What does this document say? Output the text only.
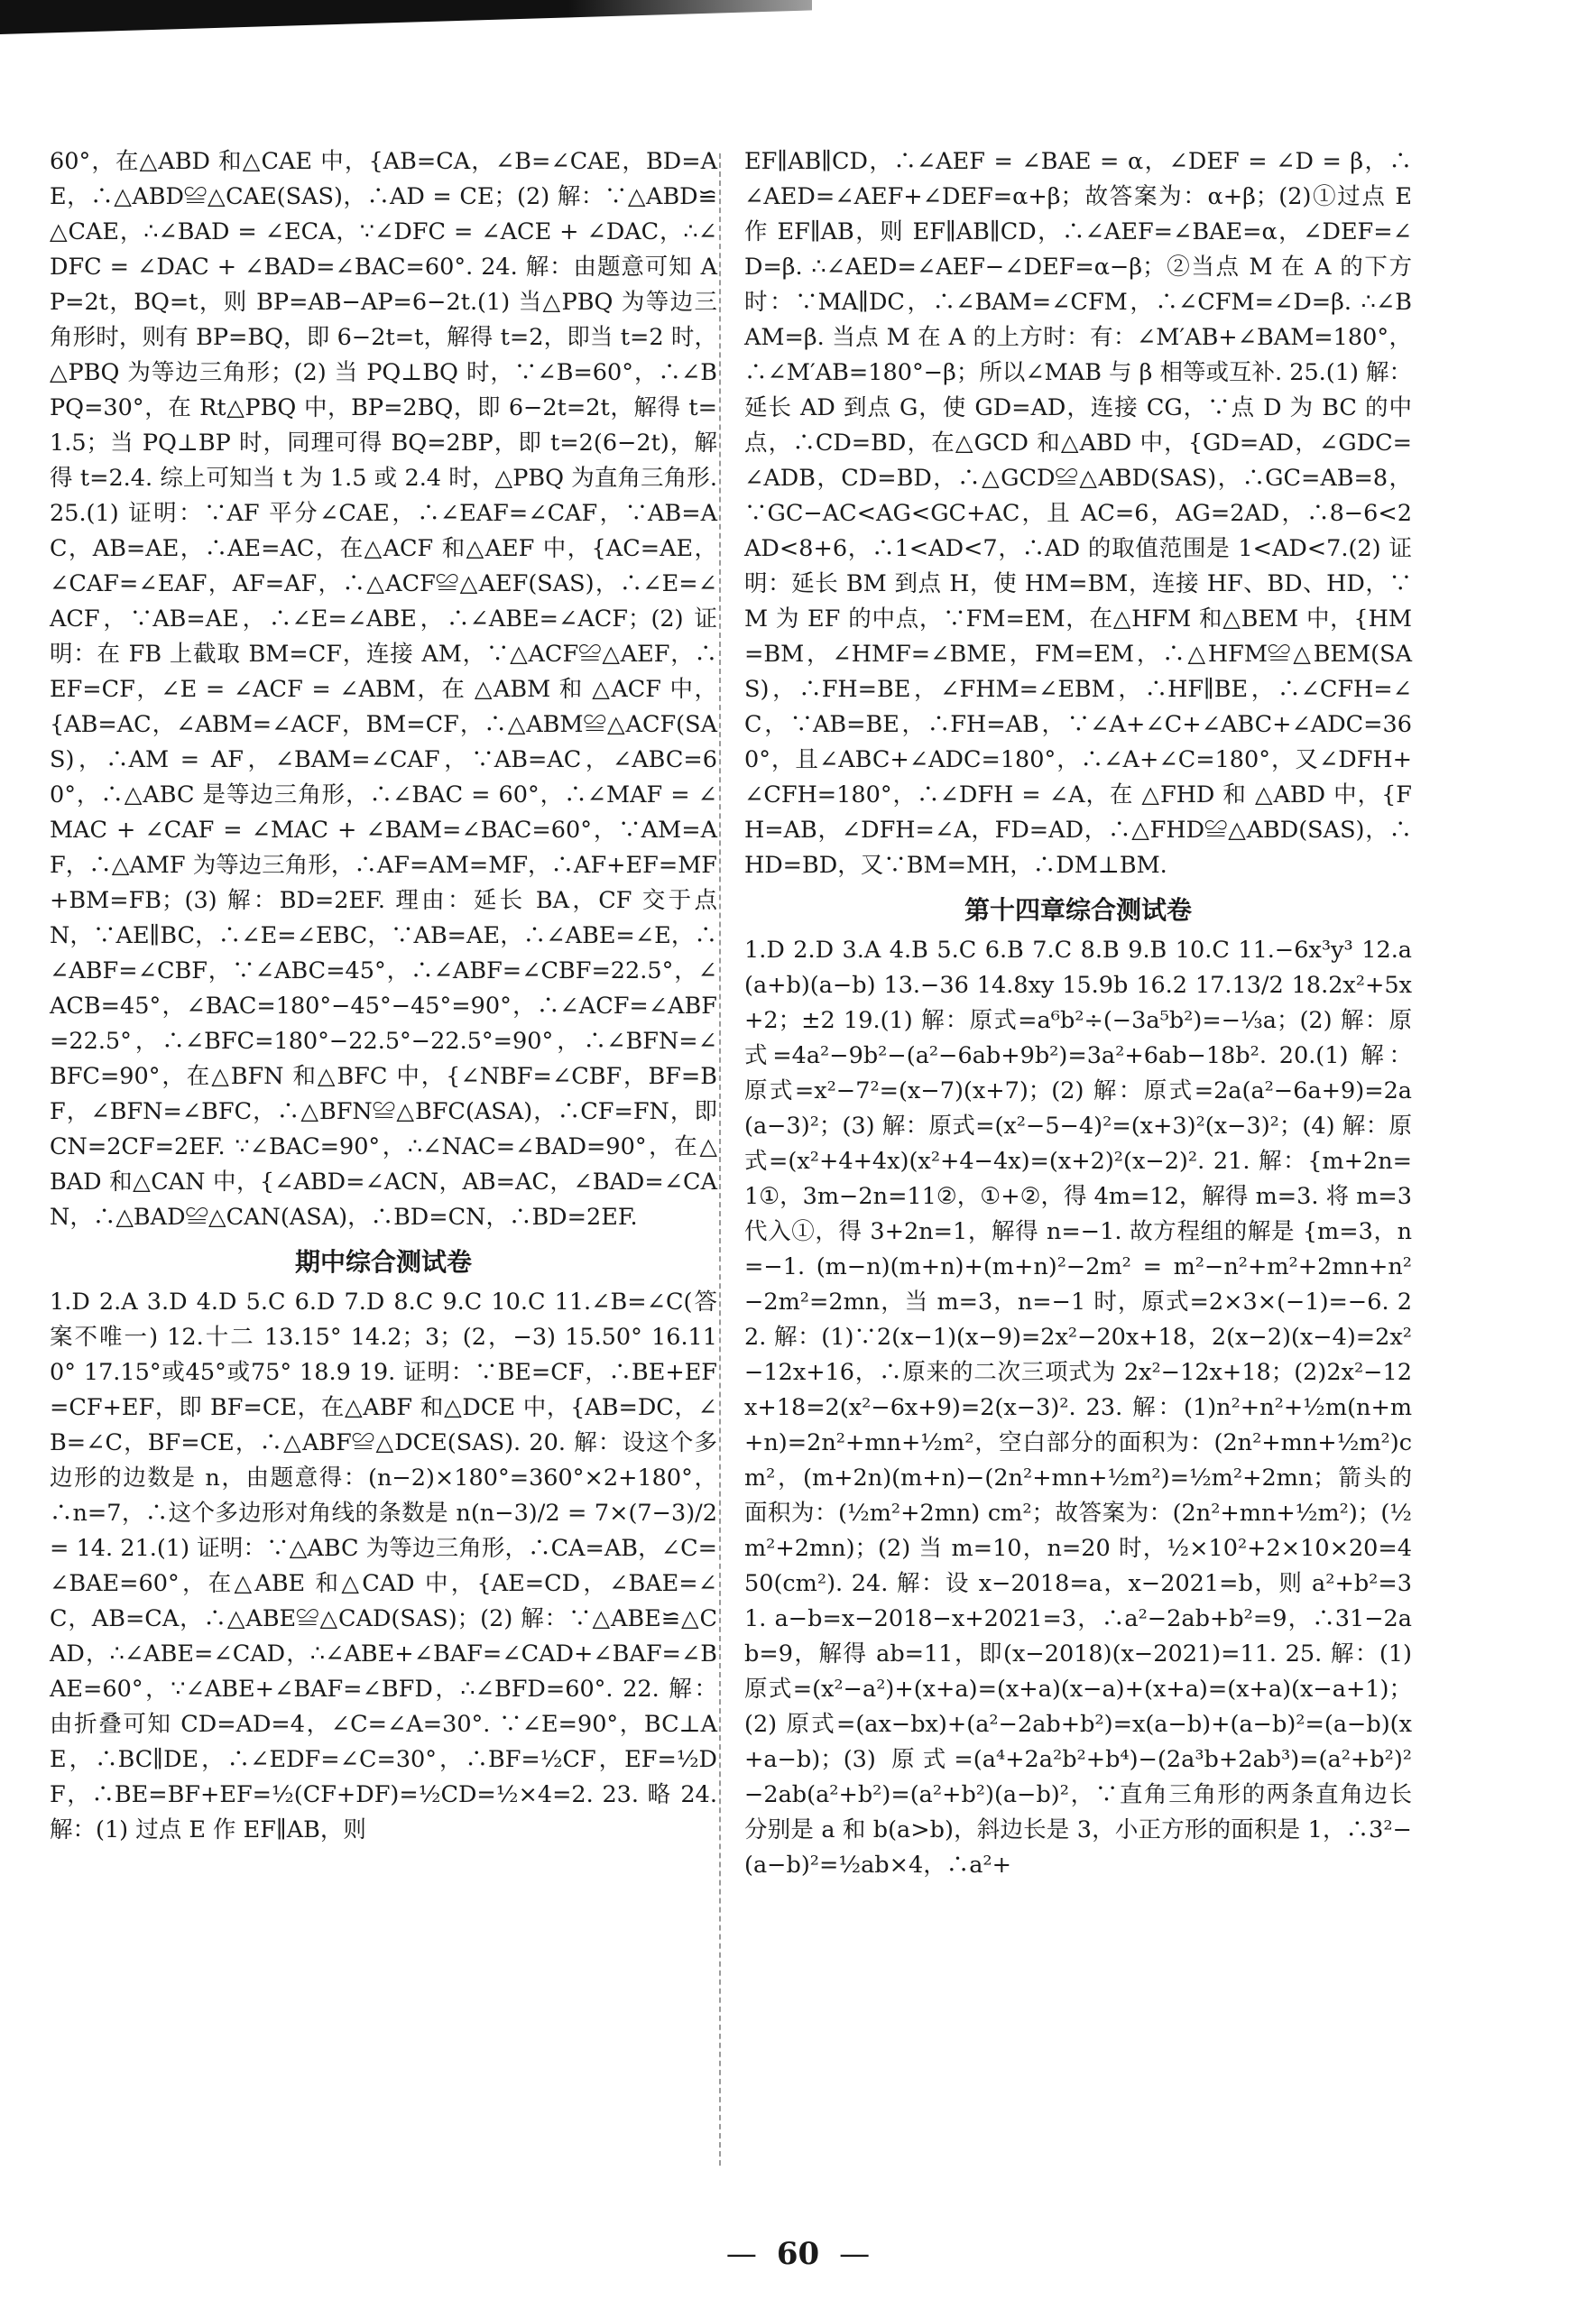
60°，在△ABD 和△CAE 中，{AB=CA，∠B=∠CAE，BD=AE，∴△ABD≌△CAE(SAS)，∴AD = CE；(2) 解：∵△ABD≌△CAE，∴∠BAD = ∠ECA，∵∠DFC = ∠ACE + ∠DAC，∴∠DFC = ∠DAC + ∠BAD=∠BAC=60°. 24. 解：由题意可知 AP=2t，BQ=t，则 BP=AB−AP=6−2t.(1) 当△PBQ 为等边三角形时，则有 BP=BQ，即 6−2t=t，解得 t=2，即当 t=2 时，△PBQ 为等边三角形；(2) 当 PQ⊥BQ 时，∵∠B=60°，∴∠BPQ=30°，在 Rt△PBQ 中，BP=2BQ，即 6−2t=2t，解得 t=1.5；当 PQ⊥BP 时，同理可得 BQ=2BP，即 t=2(6−2t)，解得 t=2.4. 综上可知当 t 为 1.5 或 2.4 时，△PBQ 为直角三角形. 25.(1) 证明：∵AF 平分∠CAE，∴∠EAF=∠CAF，∵AB=AC，AB=AE，∴AE=AC，在△ACF 和△AEF 中，{AC=AE，∠CAF=∠EAF，AF=AF，∴△ACF≌△AEF(SAS)，∴∠E=∠ACF，∵AB=AE，∴∠E=∠ABE，∴∠ABE=∠ACF；(2) 证明：在 FB 上截取 BM=CF，连接 AM，∵△ACF≌△AEF，∴EF=CF，∠E = ∠ACF = ∠ABM，在 △ABM 和 △ACF 中，{AB=AC，∠ABM=∠ACF，BM=CF，∴△ABM≌△ACF(SAS)，∴AM = AF，∠BAM=∠CAF，∵AB=AC，∠ABC=60°，∴△ABC 是等边三角形，∴∠BAC = 60°，∴∠MAF = ∠MAC + ∠CAF = ∠MAC + ∠BAM=∠BAC=60°，∵AM=AF，∴△AMF 为等边三角形，∴AF=AM=MF，∴AF+EF=MF+BM=FB；(3) 解：BD=2EF. 理由：延长 BA，CF 交于点 N，∵AE∥BC，∴∠E=∠EBC，∵AB=AE，∴∠ABE=∠E，∴∠ABF=∠CBF，∵∠ABC=45°，∴∠ABF=∠CBF=22.5°，∠ACB=45°，∠BAC=180°−45°−45°=90°，∴∠ACF=∠ABF=22.5°，∴∠BFC=180°−22.5°−22.5°=90°，∴∠BFN=∠BFC=90°，在△BFN 和△BFC 中，{∠NBF=∠CBF，BF=BF，∠BFN=∠BFC，∴△BFN≌△BFC(ASA)，∴CF=FN，即 CN=2CF=2EF. ∵∠BAC=90°，∴∠NAC=∠BAD=90°，在△BAD 和△CAN 中，{∠ABD=∠ACN，AB=AC，∠BAD=∠CAN，∴△BAD≌△CAN(ASA)，∴BD=CN，∴BD=2EF.

期中综合测试卷

1.D 2.A 3.D 4.D 5.C 6.D 7.D 8.C 9.C 10.C 11.∠B=∠C(答案不唯一) 12.十二 13.15° 14.2；3；(2，−3) 15.50° 16.110° 17.15°或45°或75° 18.9 19. 证明：∵BE=CF，∴BE+EF=CF+EF，即 BF=CE，在△ABF 和△DCE 中，{AB=DC，∠B=∠C，BF=CE，∴△ABF≌△DCE(SAS). 20. 解：设这个多边形的边数是 n，由题意得：(n−2)×180°=360°×2+180°，∴n=7，∴这个多边形对角线的条数是 n(n−3)/2 = 7×(7−3)/2 = 14. 21.(1) 证明：∵△ABC 为等边三角形，∴CA=AB，∠C=∠BAE=60°，在△ABE 和△CAD 中，{AE=CD，∠BAE=∠C，AB=CA，∴△ABE≌△CAD(SAS)；(2) 解：∵△ABE≌△CAD，∴∠ABE=∠CAD，∴∠ABE+∠BAF=∠CAD+∠BAF=∠BAE=60°，∵∠ABE+∠BAF=∠BFD，∴∠BFD=60°. 22. 解：由折叠可知 CD=AD=4，∠C=∠A=30°. ∵∠E=90°，BC⊥AE，∴BC∥DE，∴∠EDF=∠C=30°，∴BF=½CF，EF=½DF，∴BE=BF+EF=½(CF+DF)=½CD=½×4=2. 23. 略 24. 解：(1) 过点 E 作 EF∥AB，则

EF∥AB∥CD，∴∠AEF = ∠BAE = α，∠DEF = ∠D = β，∴∠AED=∠AEF+∠DEF=α+β；故答案为：α+β；(2)①过点 E 作 EF∥AB，则 EF∥AB∥CD，∴∠AEF=∠BAE=α，∠DEF=∠D=β. ∴∠AED=∠AEF−∠DEF=α−β；②当点 M 在 A 的下方时：∵MA∥DC，∴∠BAM=∠CFM，∴∠CFM=∠D=β. ∴∠BAM=β. 当点 M 在 A 的上方时：有：∠M′AB+∠BAM=180°，∴∠M′AB=180°−β；所以∠MAB 与 β 相等或互补. 25.(1) 解：延长 AD 到点 G，使 GD=AD，连接 CG，∵点 D 为 BC 的中点，∴CD=BD，在△GCD 和△ABD 中，{GD=AD，∠GDC=∠ADB，CD=BD，∴△GCD≌△ABD(SAS)，∴GC=AB=8，∵GC−AC<AG<GC+AC，且 AC=6，AG=2AD，∴8−6<2AD<8+6，∴1<AD<7，∴AD 的取值范围是 1<AD<7.(2) 证明：延长 BM 到点 H，使 HM=BM，连接 HF、BD、HD，∵M 为 EF 的中点，∵FM=EM，在△HFM 和△BEM 中，{HM=BM，∠HMF=∠BME，FM=EM，∴△HFM≌△BEM(SAS)，∴FH=BE，∠FHM=∠EBM，∴HF∥BE，∴∠CFH=∠C，∵AB=BE，∴FH=AB，∵∠A+∠C+∠ABC+∠ADC=360°，且∠ABC+∠ADC=180°，∴∠A+∠C=180°，又∠DFH+∠CFH=180°，∴∠DFH = ∠A，在 △FHD 和 △ABD 中，{FH=AB，∠DFH=∠A，FD=AD，∴△FHD≌△ABD(SAS)，∴HD=BD，又∵BM=MH，∴DM⊥BM.

第十四章综合测试卷

1.D 2.D 3.A 4.B 5.C 6.B 7.C 8.B 9.B 10.C 11.−6x³y³ 12.a(a+b)(a−b) 13.−36 14.8xy 15.9b 16.2 17.13/2 18.2x²+5x+2；±2 19.(1) 解：原式=a⁶b²÷(−3a⁵b²)=−⅓a；(2) 解：原式=4a²−9b²−(a²−6ab+9b²)=3a²+6ab−18b². 20.(1) 解：原式=x²−7²=(x−7)(x+7)；(2) 解：原式=2a(a²−6a+9)=2a(a−3)²；(3) 解：原式=(x²−5−4)²=(x+3)²(x−3)²；(4) 解：原式=(x²+4+4x)(x²+4−4x)=(x+2)²(x−2)². 21. 解：{m+2n=1①，3m−2n=11②，①+②，得 4m=12，解得 m=3. 将 m=3 代入①，得 3+2n=1，解得 n=−1. 故方程组的解是 {m=3，n=−1. (m−n)(m+n)+(m+n)²−2m² = m²−n²+m²+2mn+n²−2m²=2mn，当 m=3，n=−1 时，原式=2×3×(−1)=−6. 22. 解：(1)∵2(x−1)(x−9)=2x²−20x+18，2(x−2)(x−4)=2x²−12x+16，∴原来的二次三项式为 2x²−12x+18；(2)2x²−12x+18=2(x²−6x+9)=2(x−3)². 23. 解：(1)n²+n²+½m(n+m+n)=2n²+mn+½m²，空白部分的面积为：(2n²+mn+½m²)cm²，(m+2n)(m+n)−(2n²+mn+½m²)=½m²+2mn；箭头的面积为：(½m²+2mn) cm²；故答案为：(2n²+mn+½m²)；(½m²+2mn)；(2) 当 m=10，n=20 时，½×10²+2×10×20=450(cm²). 24. 解：设 x−2018=a，x−2021=b，则 a²+b²=31. a−b=x−2018−x+2021=3，∴a²−2ab+b²=9，∴31−2ab=9，解得 ab=11，即(x−2018)(x−2021)=11. 25. 解：(1) 原式=(x²−a²)+(x+a)=(x+a)(x−a)+(x+a)=(x+a)(x−a+1)；(2) 原式=(ax−bx)+(a²−2ab+b²)=x(a−b)+(a−b)²=(a−b)(x+a−b)；(3) 原式=(a⁴+2a²b²+b⁴)−(2a³b+2ab³)=(a²+b²)²−2ab(a²+b²)=(a²+b²)(a−b)²，∵直角三角形的两条直角边长分别是 a 和 b(a>b)，斜边长是 3，小正方形的面积是 1，∴3²−(a−b)²=½ab×4，∴a²+

— 60 —
